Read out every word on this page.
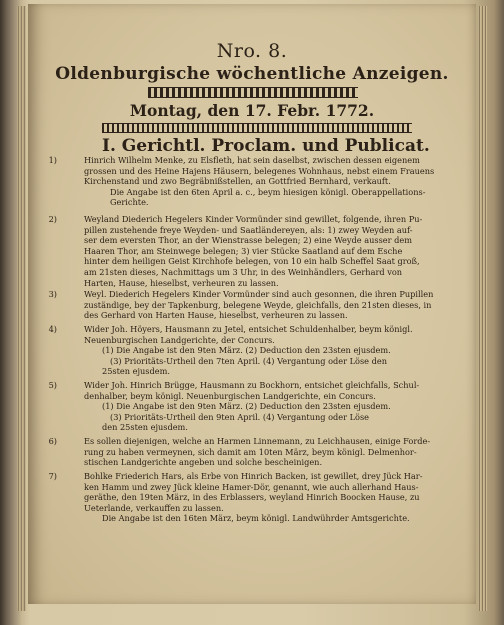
Nro. 8.
Oldenburgische wöchentliche Anzeigen.
Montag, den 17. Febr. 1772.
I. Gerichtl. Proclam. und Publicat.
1)	Hinrich Wilhelm Menke, zu Elsfleth, hat sein daselbst, zwischen dessen eigenem

grossen und des Heine Hajens Häusern, belegenes Wohnhaus, nebst einem Frauens

Kirchenstand und zwo Begräbnißstellen, an Gottfried Bernhard, verkauft.

Die Angabe ist den 6ten April a. c., beym hiesigen königl. Oberappellations-

Gerichte.

2)	Weyland Diederich Hegelers Kinder Vormünder sind gewillet, folgende, ihren Pu-

pillen zustehende freye Weyden- und Saatländereyen, als: 1) zwey Weyden auf-

ser dem eversten Thor, an der Wienstrasse belegen; 2) eine Weyde ausser dem

Haaren Thor, am Steinwege belegen; 3) vier Stücke Saatland auf dem Esche

hinter dem heiligen Geist Kirchhofe belegen, von 10 ein halb Scheffel Saat groß,

am 21sten dieses, Nachmittags um 3 Uhr, in des Weinhändlers, Gerhard von

Harten, Hause, hieselbst, verheuren zu lassen.

3)	Weyl. Diederich Hegelers Kinder Vormünder sind auch gesonnen, die ihren Pupillen

zuständige, bey der Tapkenburg, belegene Weyde, gleichfalls, den 21sten dieses, in

des Gerhard von Harten Hause, hieselbst, verheuren zu lassen.

4)	Wider Joh. Höyers, Hausmann zu Jetel, entsichet Schuldenhalber, beym königl.

Neuenburgischen Landgerichte, der Concurs.

(1) Die Angabe ist den 9ten März. (2) Deduction den 23sten ejusdem.

(3) Prioritäts-Urtheil den 7ten April. (4) Vergantung oder Löse den

25sten ejusdem.

5)	Wider Joh. Hinrich Brügge, Hausmann zu Bockhorn, entsichet gleichfalls, Schul-

denhalber, beym königl. Neuenburgischen Landgerichte, ein Concurs.

(1) Die Angabe ist den 9ten März. (2) Deduction den 23sten ejusdem.

(3) Prioritäts-Urtheil den 9ten April. (4) Vergantung oder Löse

den 25sten ejusdem.

6)	Es sollen diejenigen, welche an Harmen Linnemann, zu Leichhausen, einige Forde-

rung zu haben vermeynen, sich damit am 10ten März, beym königl. Delmenhor-

stischen Landgerichte angeben und solche bescheinigen.

7)	Bohlke Friederich Hars, als Erbe von Hinrich Backen, ist gewillet, drey Jück Har-

ken Hamm und zwey Jück kleine Hamer-Dör, genannt, wie auch allerhand Haus-

geräthe, den 19ten März, in des Erblassers, weyland Hinrich Boocken Hause, zu

Ueterlande, verkauffen zu lassen.

Die Angabe ist den 16ten März, beym königl. Landwührder Amtsgerichte.
